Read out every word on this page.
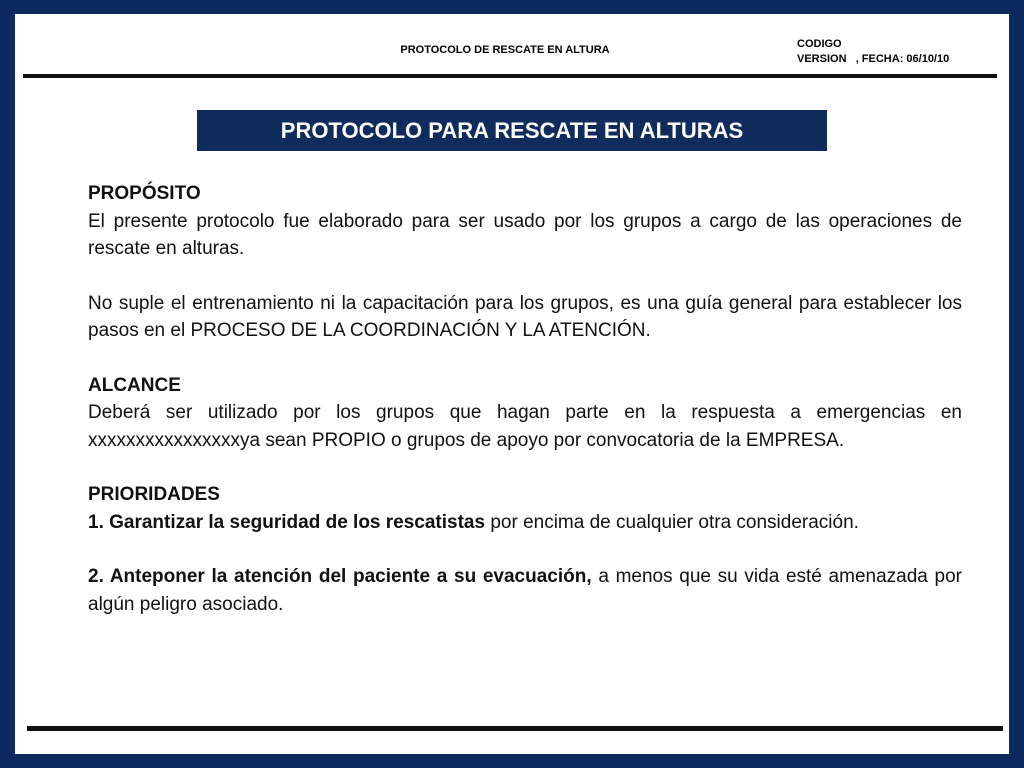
PROTOCOLO DE RESCATE EN ALTURA	CODIGO
VERSION , FECHA: 06/10/10
PROTOCOLO PARA RESCATE EN ALTURAS

PROPÓSITO

El presente protocolo fue elaborado para ser usado por los grupos a cargo de las operaciones de rescate en alturas.

No suple el entrenamiento ni la capacitación para los grupos, es una guía general para establecer los pasos en el PROCESO DE LA COORDINACIÓN Y LA ATENCIÓN.

ALCANCE

Deberá ser utilizado por los grupos que hagan parte en la respuesta a emergencias en xxxxxxxxxxxxxxxxya sean PROPIO o grupos de apoyo por convocatoria de la EMPRESA.

PRIORIDADES

1. Garantizar la seguridad de los rescatistas por encima de cualquier otra consideración.

2. Anteponer la atención del paciente a su evacuación, a menos que su vida esté amenazada por algún peligro asociado.
